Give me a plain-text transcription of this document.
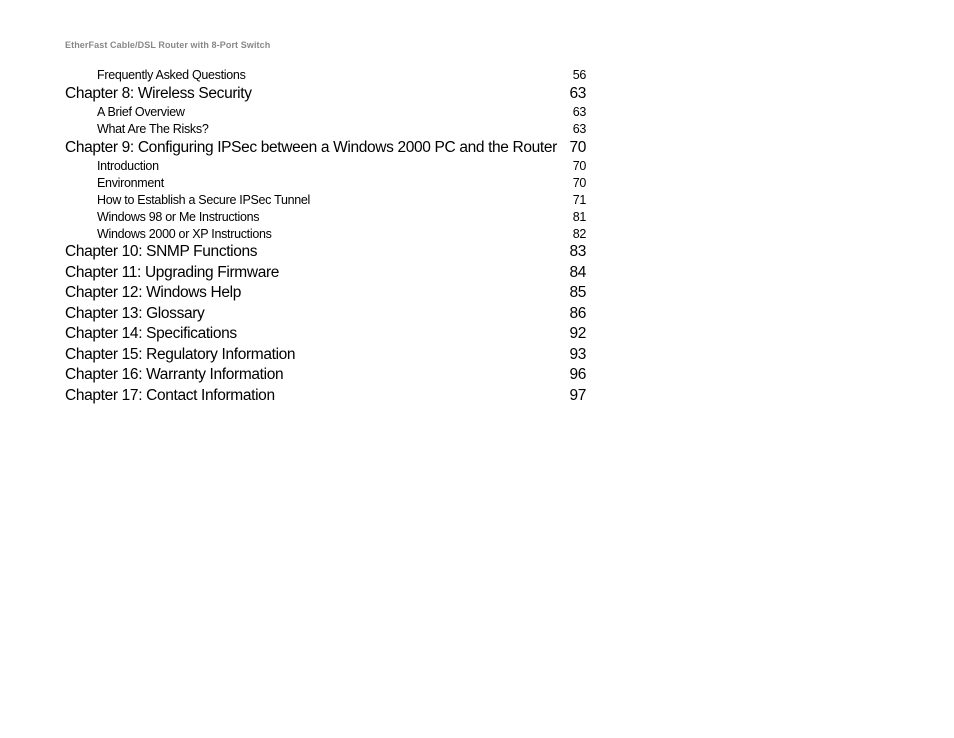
EtherFast Cable/DSL Router with 8-Port Switch
Frequently Asked Questions	56
Chapter 8: Wireless Security	63
A Brief Overview	63
What Are The Risks?	63
Chapter 9: Configuring IPSec between a Windows 2000 PC and the Router 70
Introduction	70
Environment	70
How to Establish a Secure IPSec Tunnel	71
Windows 98 or Me Instructions	81
Windows 2000 or XP Instructions	82
Chapter 10: SNMP Functions	83
Chapter 11: Upgrading Firmware	84
Chapter 12: Windows Help	85
Chapter 13: Glossary	86
Chapter 14: Specifications	92
Chapter 15: Regulatory Information	93
Chapter 16: Warranty Information	96
Chapter 17: Contact Information	97
